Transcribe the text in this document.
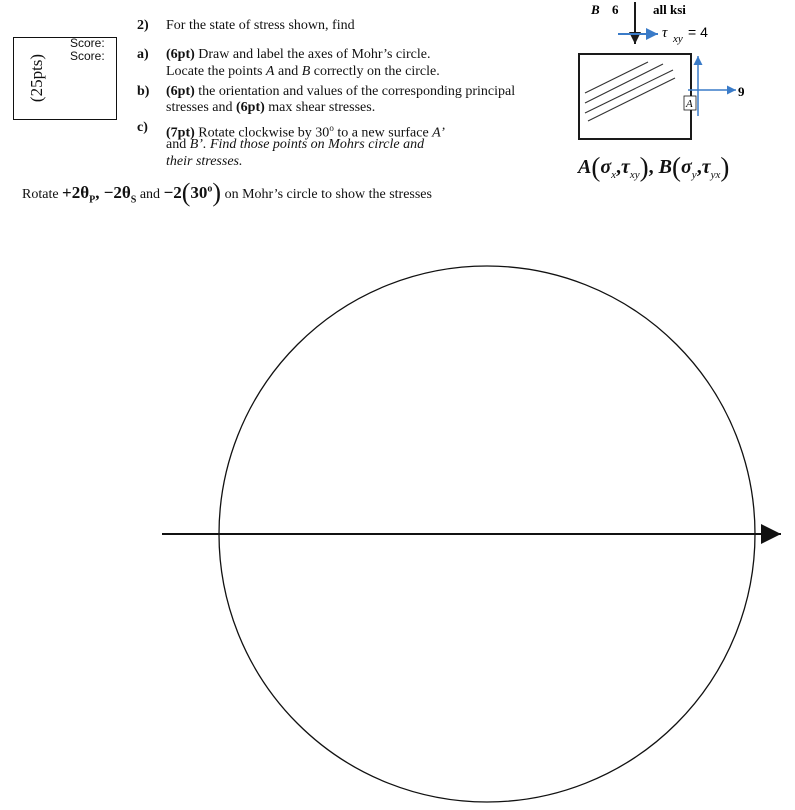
Score:
Score:
(25pts)
2) For the state of stress shown, find
a) (6pt) Draw and label the axes of Mohr’s circle.
Locate the points A and B correctly on the circle.
b) (6pt) the orientation and values of the corresponding principal
stresses and (6pt) max shear stresses.
c) (7pt) Rotate clockwise by 30$^o$ to a new surface A’
and B’. Find those points on Mohrs circle and
their stresses.
B 6	all ksi
τ xy = 4
9
A
$A(\sigma_x,\tau_{xy})$, $B(\sigma_y,\tau_{yx})$
Rotate $+2\theta_P$, $-2\theta_S$ and $-2(30^o)$ on Mohr’s circle to show the stresses
